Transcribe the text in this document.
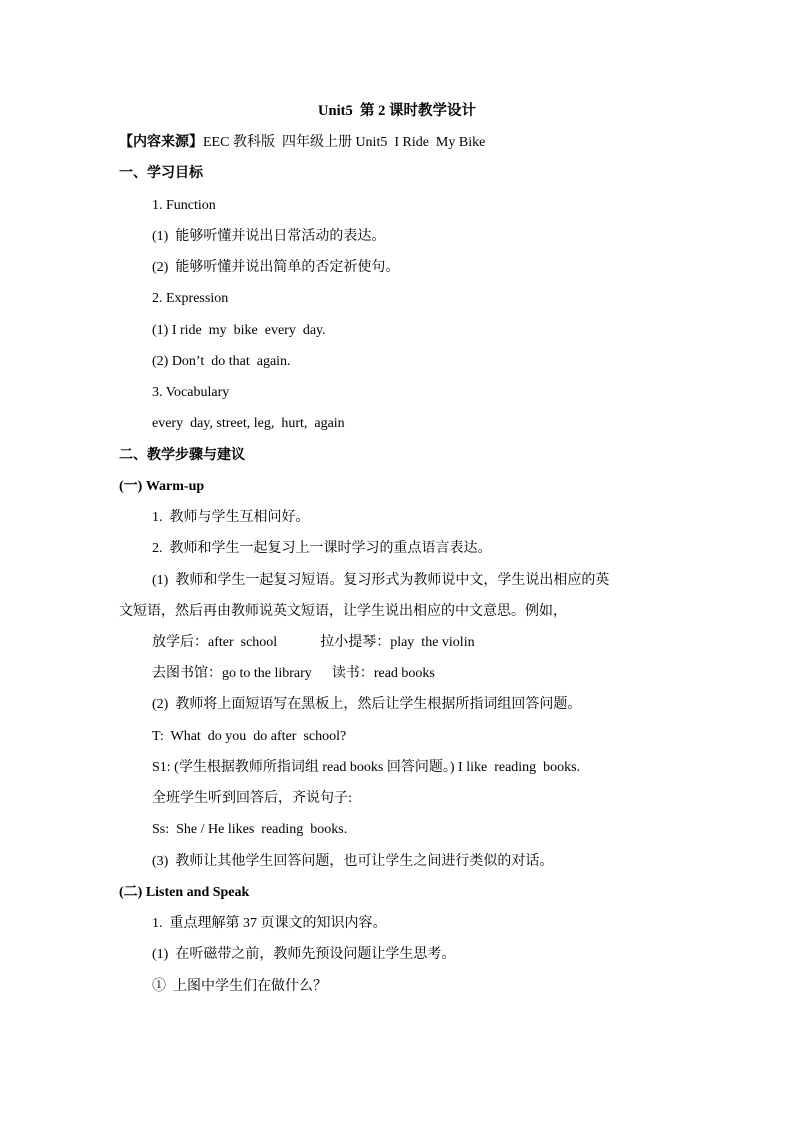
Unit5  第 2 课时教学设计
【内容来源】EEC 教科版  四年级上册 Unit5  I Ride  My Bike
一、学习目标
1. Function
(1)  能够听懂并说出日常活动的表达。
(2)  能够听懂并说出简单的否定祈使句。
2. Expression
(1) I ride  my  bike  every  day.
(2) Don’t  do that  again.
3. Vocabulary
every  day, street, leg,  hurt,  again
二、教学步骤与建议
(一) Warm-up
1.  教师与学生互相问好。
2.  教师和学生一起复习上一课时学习的重点语言表达。
(1)  教师和学生一起复习短语。复习形式为教师说中文，学生说出相应的英
文短语，然后再由教师说英文短语，让学生说出相应的中文意思。例如，
放学后：after  school	拉小提琴：play  the violin
去图书馆：go to the library 读书：read books
(2)  教师将上面短语写在黑板上，然后让学生根据所指词组回答问题。
T:  What  do you  do after  school?
S1: (学生根据教师所指词组 read books 回答问题。) I like  reading  books.
全班学生听到回答后，齐说句子:
Ss:  She / He likes  reading  books.
(3)  教师让其他学生回答问题，也可让学生之间进行类似的对话。
(二) Listen and Speak
1.  重点理解第 37 页课文的知识内容。
(1)  在听磁带之前，教师先预设问题让学生思考。
①  上图中学生们在做什么？
